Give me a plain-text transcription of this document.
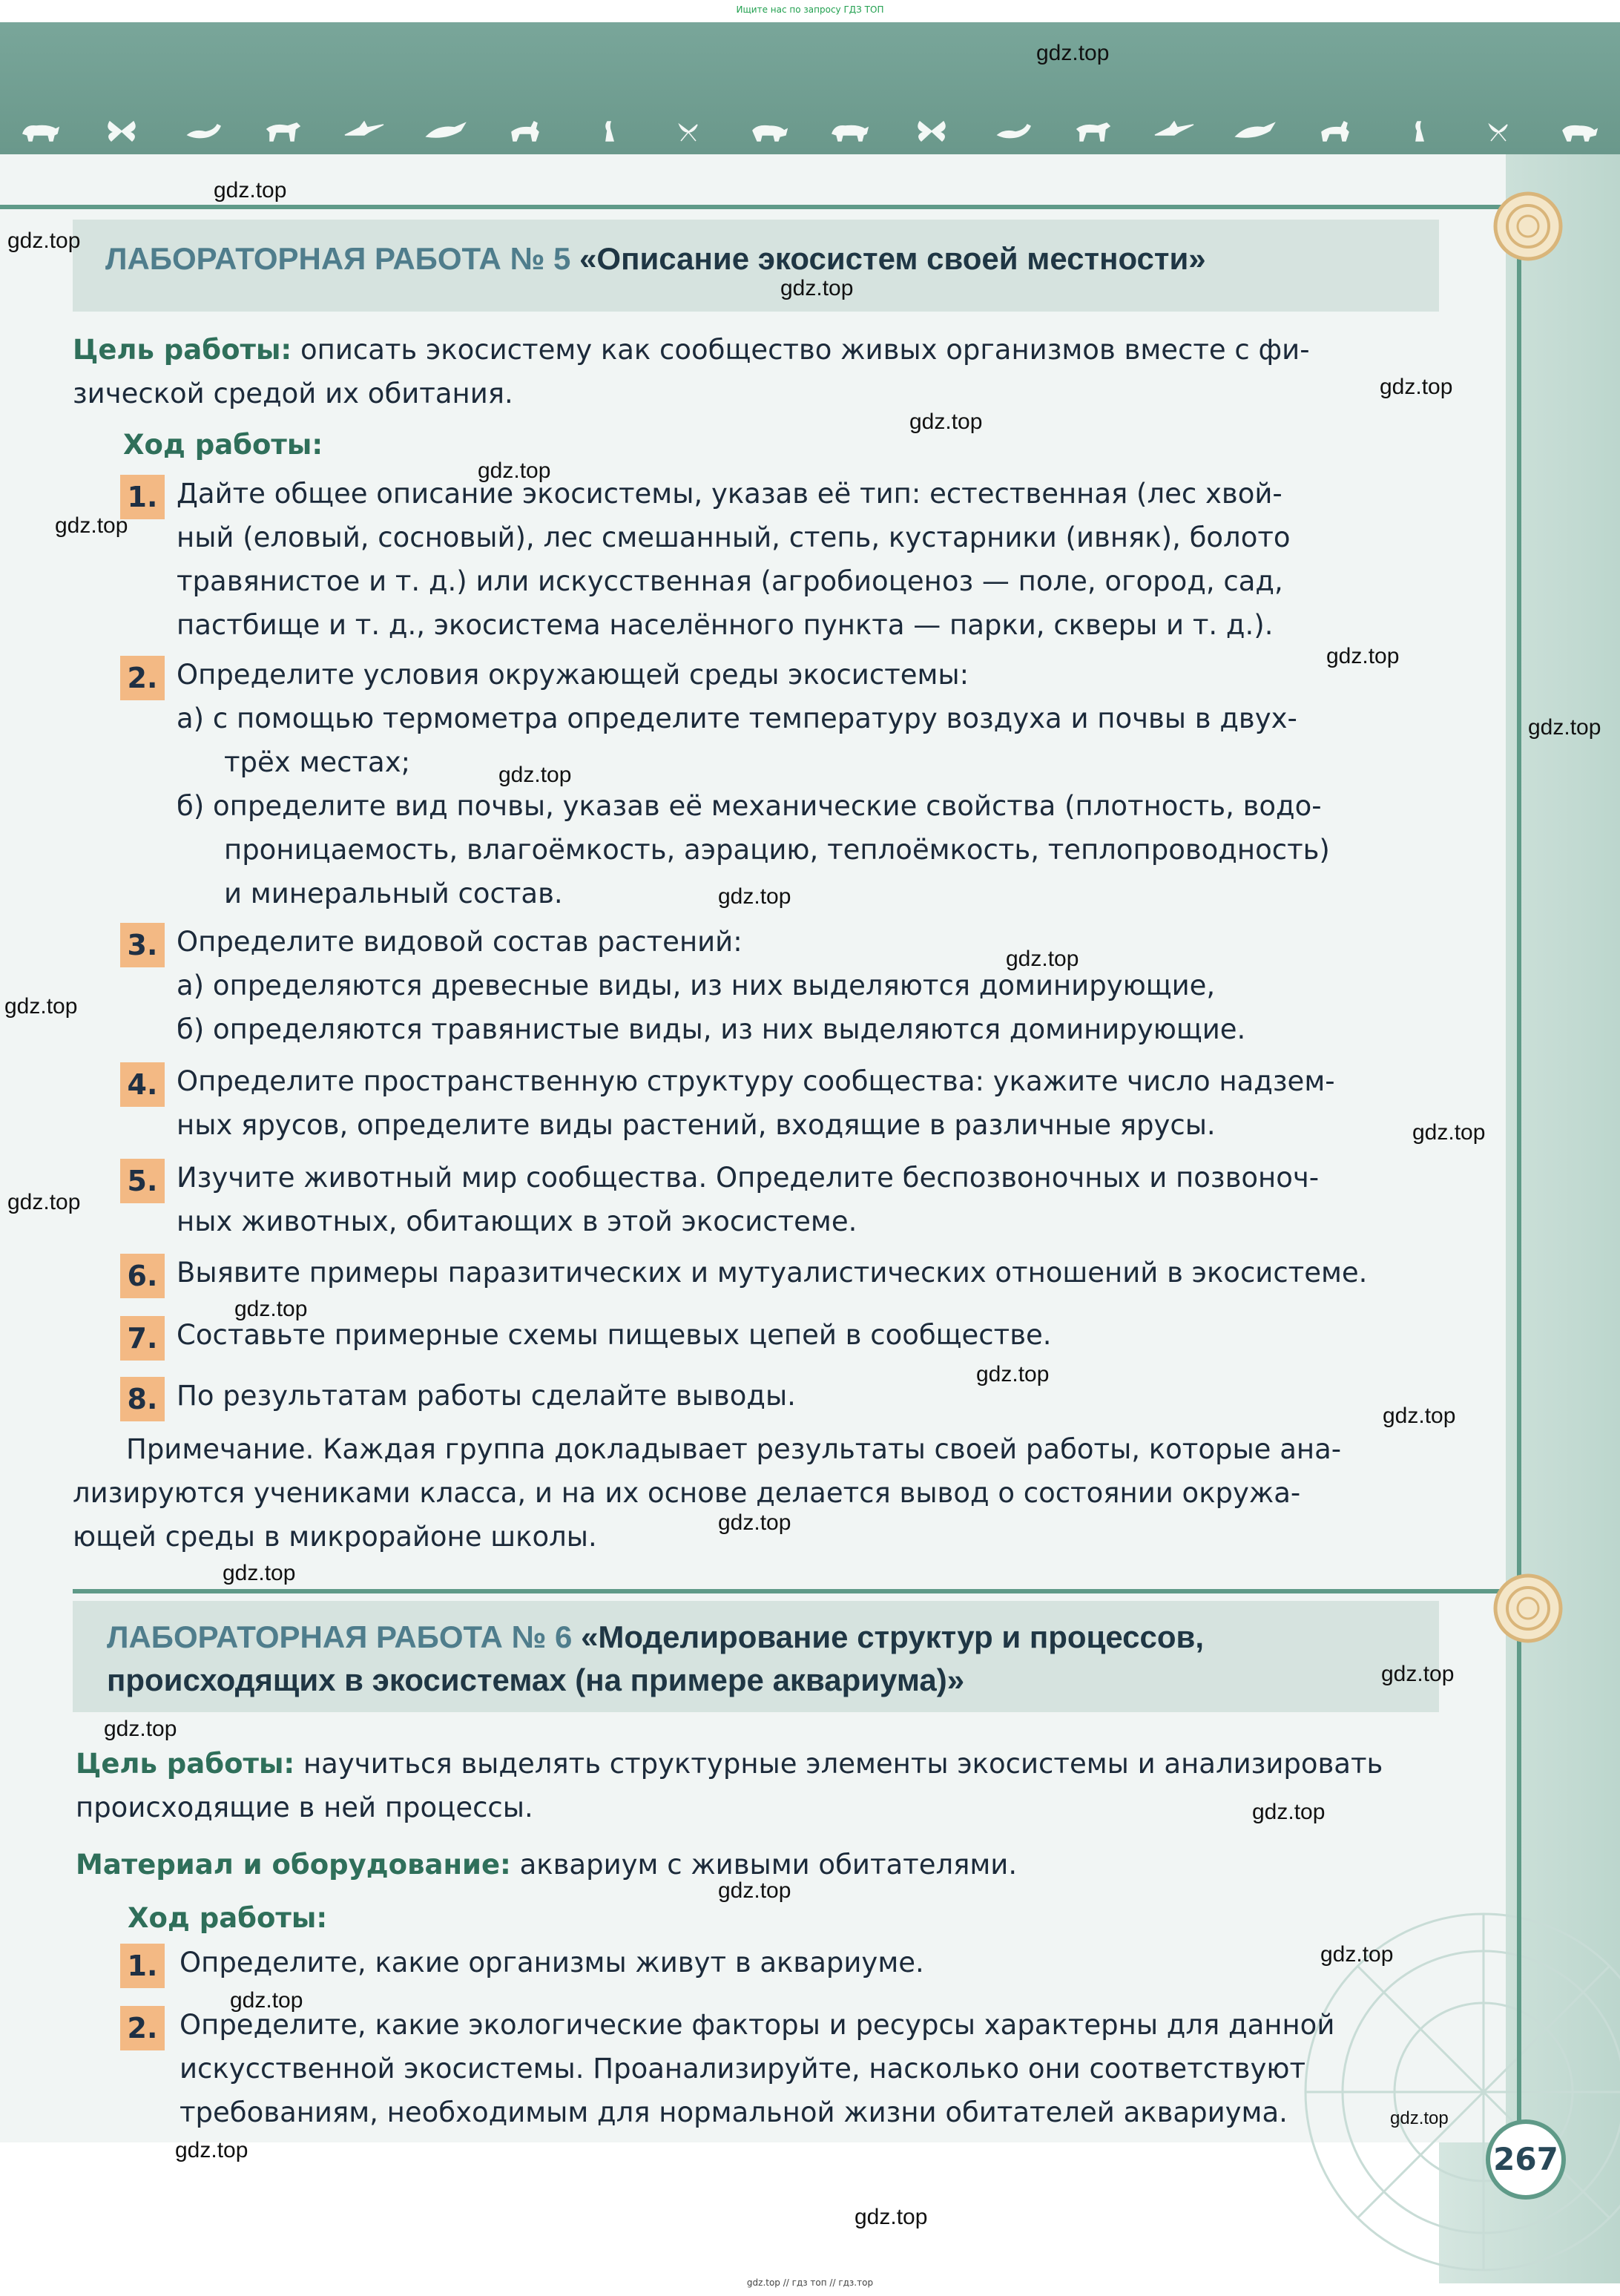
Ищите нас по запросу ГДЗ ТОП
ЛАБОРАТОРНАЯ РАБОТА № 5 «Описание экосистем своей местности»
Цель работы: описать экосистему как сообщество живых организмов вместе с фи-
зической средой их обитания.
Ход работы:
1. Дайте общее описание экосистемы, указав её тип: естественная (лес хвой-
ный (еловый, сосновый), лес смешанный, степь, кустарники (ивняк), болото
травянистое и т. д.) или искусственная (агробиоценоз — поле, огород, сад,
пастбище и т. д., экосистема населённого пункта — парки, скверы и т. д.).
2. Определите условия окружающей среды экосистемы:
а) с помощью термометра определите температуру воздуха и почвы в двух-
трёх местах;
б) определите вид почвы, указав её механические свойства (плотность, водо-
проницаемость, влагоёмкость, аэрацию, теплоёмкость, теплопроводность)
и минеральный состав.
3. Определите видовой состав растений:
а) определяются древесные виды, из них выделяются доминирующие,
б) определяются травянистые виды, из них выделяются доминирующие.
4. Определите пространственную структуру сообщества: укажите число надзем-
ных ярусов, определите виды растений, входящие в различные ярусы.
5. Изучите животный мир сообщества. Определите беспозвоночных и позвоноч-
ных животных, обитающих в этой экосистеме.
6. Выявите примеры паразитических и мутуалистических отношений в экосистеме.
7. Составьте примерные схемы пищевых цепей в сообществе.
8. По результатам работы сделайте выводы.
Примечание. Каждая группа докладывает результаты своей работы, которые ана-
лизируются учениками класса, и на их основе делается вывод о состоянии окружа-
ющей среды в микрорайоне школы.
ЛАБОРАТОРНАЯ РАБОТА № 6 «Моделирование структур и процессов,
происходящих в экосистемах (на примере аквариума)»
Цель работы: научиться выделять структурные элементы экосистемы и анализировать
происходящие в ней процессы.
Материал и оборудование: аквариум с живыми обитателями.
Ход работы:
1. Определите, какие организмы живут в аквариуме.
2. Определите, какие экологические факторы и ресурсы характерны для данной
искусственной экосистемы. Проанализируйте, насколько они соответствуют
требованиям, необходимым для нормальной жизни обитателей аквариума.
267
gdz.top
gdz.top
gdz.top
gdz.top
gdz.top
gdz.top
gdz.top
gdz.top
gdz.top
gdz.top
gdz.top
gdz.top
gdz.top
gdz.top
gdz.top
gdz.top
gdz.top
gdz.top
gdz.top
gdz.top
gdz.top
gdz.top
gdz.top
gdz.top
gdz.top
gdz.top
gdz.top
gdz.top
gdz.top
gdz.top
gdz.top // гдз топ // гдз.тор
